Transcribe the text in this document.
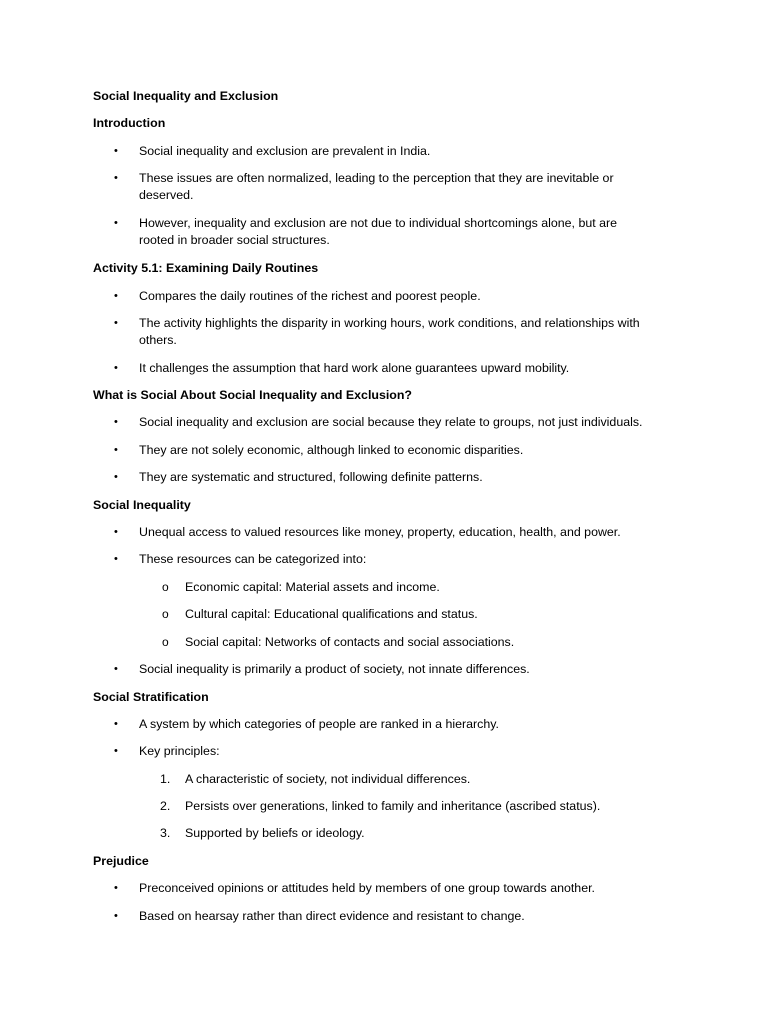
Social Inequality and Exclusion
Introduction
•	Social inequality and exclusion are prevalent in India.
•	These issues are often normalized, leading to the perception that they are inevitable or
deserved.
•	However, inequality and exclusion are not due to individual shortcomings alone, but are
rooted in broader social structures.
Activity 5.1: Examining Daily Routines
•	Compares the daily routines of the richest and poorest people.
•	The activity highlights the disparity in working hours, work conditions, and relationships with
others.
•	It challenges the assumption that hard work alone guarantees upward mobility.
What is Social About Social Inequality and Exclusion?
•	Social inequality and exclusion are social because they relate to groups, not just individuals.
•	They are not solely economic, although linked to economic disparities.
•	They are systematic and structured, following definite patterns.
Social Inequality
•	Unequal access to valued resources like money, property, education, health, and power.
•	These resources can be categorized into:
o	Economic capital: Material assets and income.
o	Cultural capital: Educational qualifications and status.
o	Social capital: Networks of contacts and social associations.
•	Social inequality is primarily a product of society, not innate differences.
Social Stratification
•	A system by which categories of people are ranked in a hierarchy.
•	Key principles:
1.	A characteristic of society, not individual differences.
2.	Persists over generations, linked to family and inheritance (ascribed status).
3.	Supported by beliefs or ideology.
Prejudice
•	Preconceived opinions or attitudes held by members of one group towards another.
•	Based on hearsay rather than direct evidence and resistant to change.
